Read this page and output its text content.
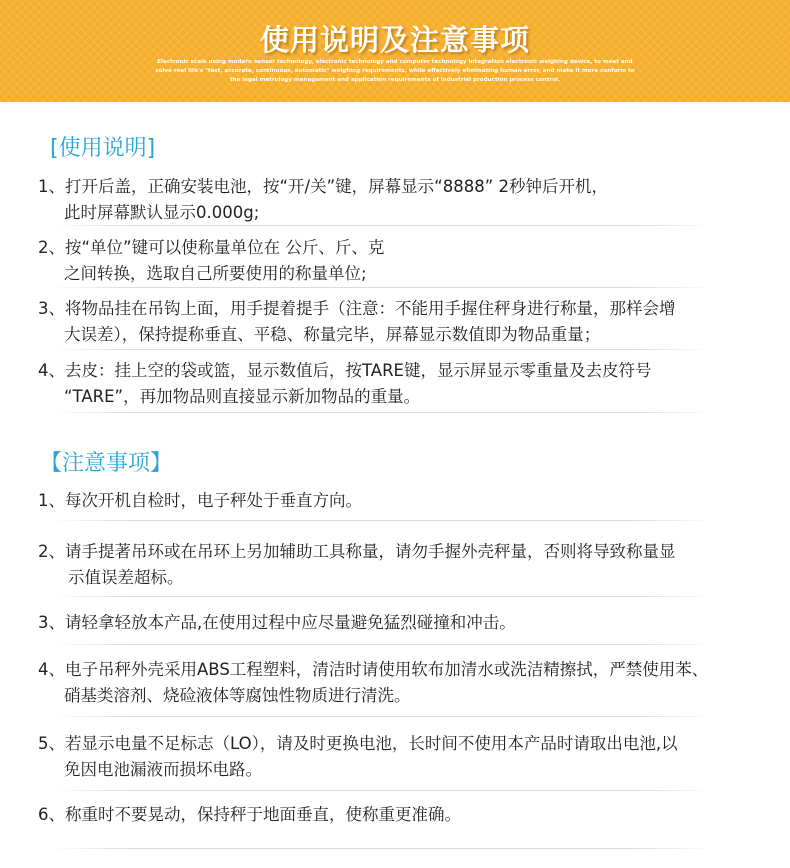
使用说明及注意事项
Electronic scale using modern sensor technology, electronic technology and computer technology integration electronic weighing device, to meet and
solve real life's "fast, accurate, continuous, automatic" weighing requirements, while effectively eliminating human error, and make it more conform to
the legal metrology management and application requirements of industrial production process control.
[使用说明]
1、打开后盖，正确安装电池，按“开/关”键，屏幕显示“8888” 2秒钟后开机，
此时屏幕默认显示0.000g;
2、按“单位”键可以使称量单位在 公斤、斤、克
之间转换，选取自己所要使用的称量单位;
3、将物品挂在吊钩上面，用手提着提手（注意：不能用手握住秤身进行称量，那样会增
大误差），保持提称垂直、平稳、称量完毕，屏幕显示数值即为物品重量；
4、去皮：挂上空的袋或篮，显示数值后，按TARE键，显示屏显示零重量及去皮符号
“TARE”，再加物品则直接显示新加物品的重量。
【注意事项】
1、每次开机自检时，电子秤处于垂直方向。
2、请手提著吊环或在吊环上另加辅助工具称量，请勿手握外壳秤量，否则将导致称量显
示值误差超标。
3、请轻拿轻放本产品,在使用过程中应尽量避免猛烈碰撞和冲击。
4、电子吊秤外壳采用ABS工程塑料，清洁时请使用软布加清水或洗洁精擦拭，严禁使用苯、
硝基类溶剂、烧硷液体等腐蚀性物质进行清洗。
5、若显示电量不足标志（LO），请及时更换电池，长时间不使用本产品时请取出电池,以
免因电池漏液而损坏电路。
6、称重时不要晃动，保持秤于地面垂直，使称重更准确。
